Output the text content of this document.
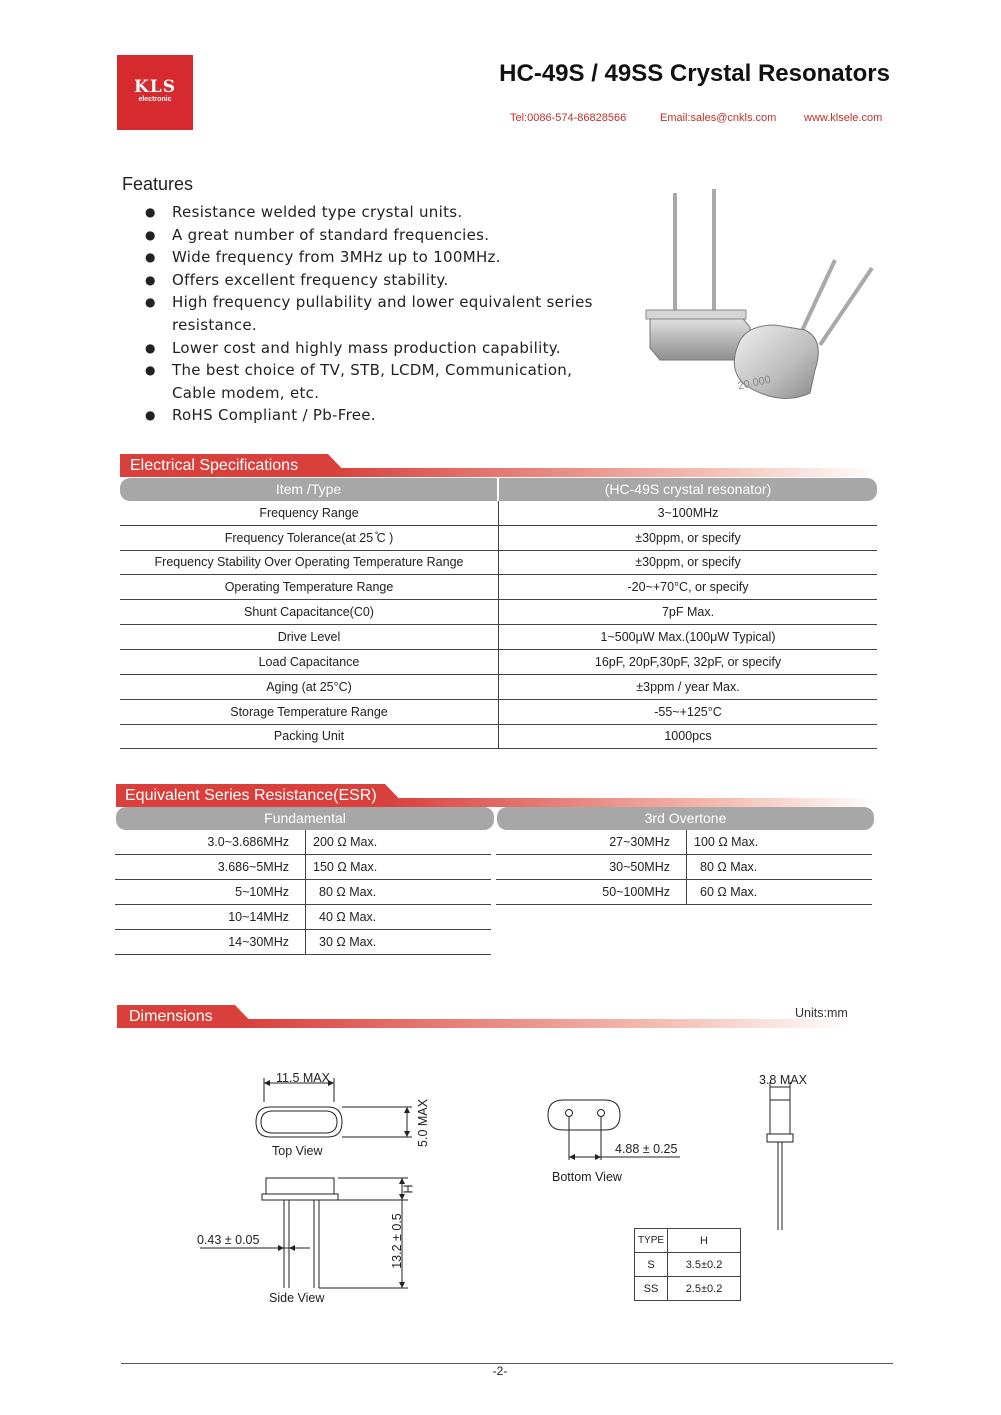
KLS
electronic
HC-49S / 49SS Crystal Resonators
Tel:0086-574-86828566	Email:sales@cnkls.com	www.klsele.com
Features
● Resistance welded type crystal units.
● A great number of standard frequencies.
● Wide frequency from 3MHz up to 100MHz.
● Offers excellent frequency stability.
● High frequency pullability and lower equivalent series resistance.
● Lower cost and highly mass production capability.
● The best choice of TV, STB, LCDM, Communication, Cable modem, etc.
● RoHS Compliant / Pb-Free.
20.000
Electrical Specifications
Item /Type	(HC-49S crystal resonator)
Frequency Range	3~100MHz
Frequency Tolerance(at 25 ̊C )	±30ppm, or specify
Frequency Stability Over Operating Temperature Range	±30ppm, or specify
Operating Temperature Range	-20~+70°C, or specify
Shunt Capacitance(C0)	7pF Max.
Drive Level	1~500μW Max.(100μW Typical)
Load Capacitance	16pF, 20pF,30pF, 32pF, or specify
Aging (at 25°C)	±3ppm / year Max.
Storage Temperature Range	-55~+125°C
Packing Unit	1000pcs
Equivalent Series Resistance(ESR)
Fundamental	3rd Overtone
3.0~3.686MHz	200 Ω Max.
3.686~5MHz	150 Ω Max.
5~10MHz	80 Ω Max.
10~14MHz	40 Ω Max.
14~30MHz	30 Ω Max.
27~30MHz	100 Ω Max.
30~50MHz	80 Ω Max.
50~100MHz	60 Ω Max.
Dimensions	Units:mm
11.5 MAX
5.0 MAX
Top View
H
13.2 ± 0.5
0.43 ± 0.05
Side View
4.88 ± 0.25
Bottom View
3.8 MAX
TYPE	H
S	3.5±0.2
SS	2.5±0.2
-2-
